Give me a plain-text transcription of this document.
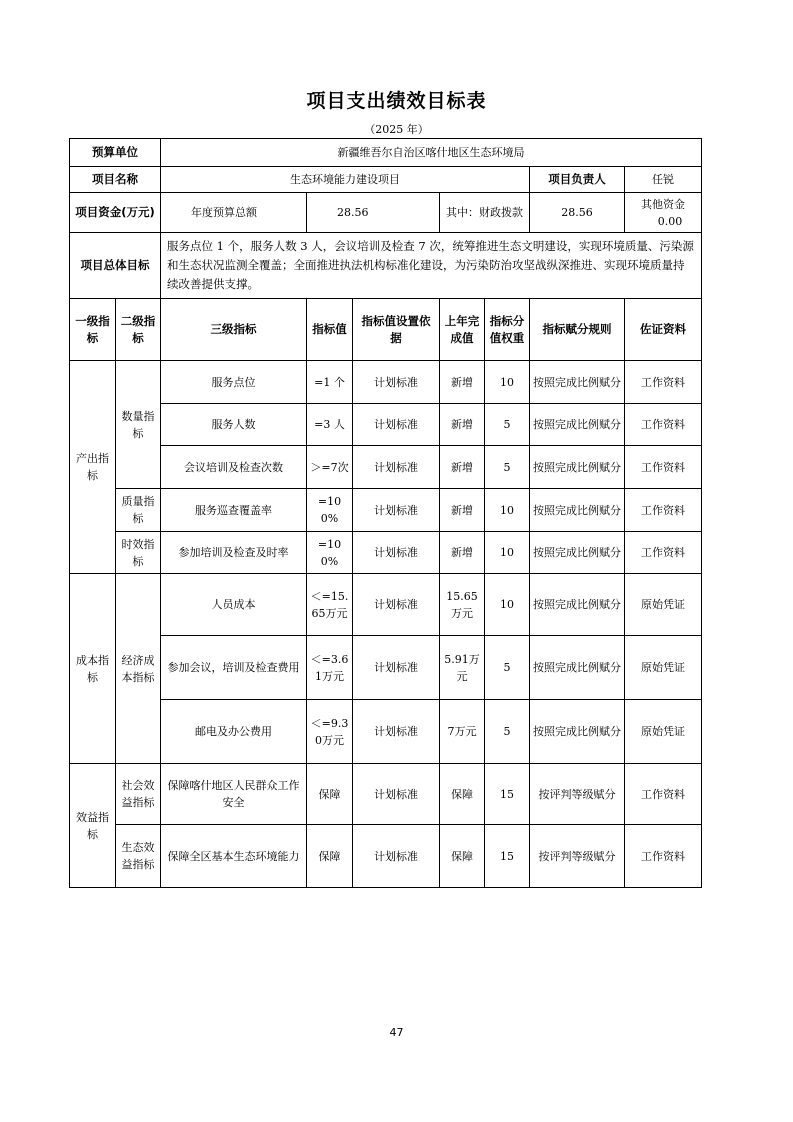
项目支出绩效目标表
（2025 年）
预算单位		新疆维吾尔自治区喀什地区生态环境局						
项目名称		生态环境能力建设项目					项目负责人	任锐
项目资金(万元)		年度预算总额	28.56		其中：财政拨款		28.56	其他资金 0.00
项目总体目标		服务点位 1 个，服务人数 3 人，会议培训及检查 7 次，统筹推进生态文明建设，实现环境质量、污染源和生态状况监测全覆盖；全面推进执法机构标准化建设，为污染防治攻坚战纵深推进、实现环境质量持续改善提供支撑。						
一级指标	二级指标	三级指标	指标值	指标值设置依据	上年完成值	指标分值权重	指标赋分规则	佐证资料
产出指标	数量指标	服务点位	=1 个	计划标准	新增	10	按照完成比例赋分	工作资料
		服务人数	=3 人	计划标准	新增	5	按照完成比例赋分	工作资料
		会议培训及检查次数	＞=7次	计划标准	新增	5	按照完成比例赋分	工作资料
	质量指标	服务巡查覆盖率	=100%	计划标准	新增	10	按照完成比例赋分	工作资料
	时效指标	参加培训及检查及时率	=100%	计划标准	新增	10	按照完成比例赋分	工作资料
成本指标	经济成本指标	人员成本	＜=15.65万元	计划标准	15.65万元	10	按照完成比例赋分	原始凭证
		参加会议，培训及检查费用	＜=3.61万元	计划标准	5.91万元	5	按照完成比例赋分	原始凭证
		邮电及办公费用	＜=9.30万元	计划标准	7万元	5	按照完成比例赋分	原始凭证
效益指标	社会效益指标	保障喀什地区人民群众工作安全	保障	计划标准	保障	15	按评判等级赋分	工作资料
	生态效益指标	保障全区基本生态环境能力	保障	计划标准	保障	15	按评判等级赋分	工作资料
47
